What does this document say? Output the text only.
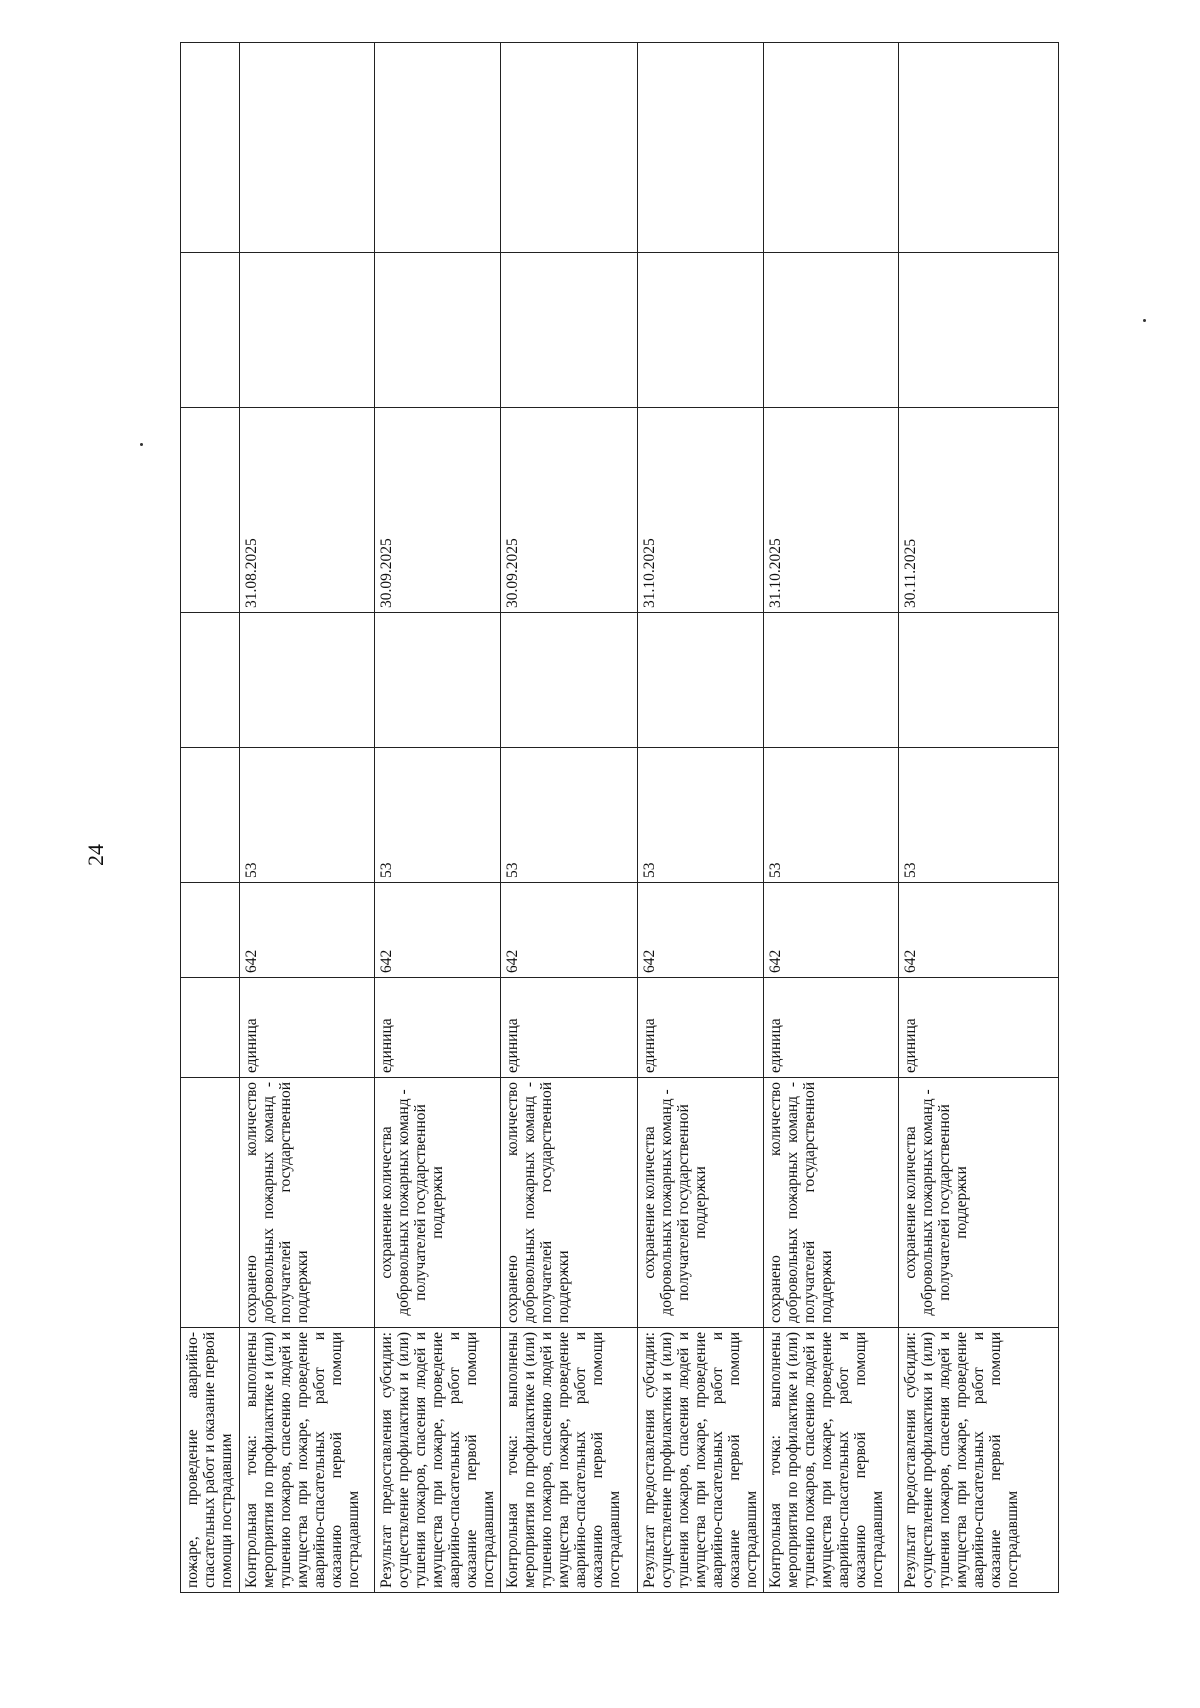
24
пожаре, проведение аварийно-спасательных работ и оказание первой помощи пострадавшим								
Контрольная точка: выполнены мероприятия по профилактике и (или) тушению пожаров, спасению людей и имущества при пожаре, проведение аварийно-спасательных работ и оказанию первой помощи пострадавшим	сохранено количество добровольных пожарных команд - получателей государственной поддержки	единица	642	53		31.08.2025		
Результат предоставления субсидии: осуществление профилактики и (или) тушения пожаров, спасения людей и имущества при пожаре, проведение аварийно-спасательных работ и оказание первой помощи пострадавшим	сохранение количества добровольных пожарных команд - получателей государственной поддержки	единица	642	53		30.09.2025		
Контрольная точка: выполнены мероприятия по профилактике и (или) тушению пожаров, спасению людей и имущества при пожаре, проведение аварийно-спасательных работ и оказанию первой помощи пострадавшим	сохранено количество добровольных пожарных команд - получателей государственной поддержки	единица	642	53		30.09.2025		
Результат предоставления субсидии: осуществление профилактики и (или) тушения пожаров, спасения людей и имущества при пожаре, проведение аварийно-спасательных работ и оказание первой помощи пострадавшим	сохранение количества добровольных пожарных команд - получателей государственной поддержки	единица	642	53		31.10.2025		
Контрольная точка: выполнены мероприятия по профилактике и (или) тушению пожаров, спасению людей и имущества при пожаре, проведение аварийно-спасательных работ и оказанию первой помощи пострадавшим	сохранено количество добровольных пожарных команд - получателей государственной поддержки	единица	642	53		31.10.2025		
Результат предоставления субсидии: осуществление профилактики и (или) тушения пожаров, спасения людей и имущества при пожаре, проведение аварийно-спасательных работ и оказание первой помощи пострадавшим	сохранение количества добровольных пожарных команд - получателей государственной поддержки	единица	642	53		30.11.2025		
